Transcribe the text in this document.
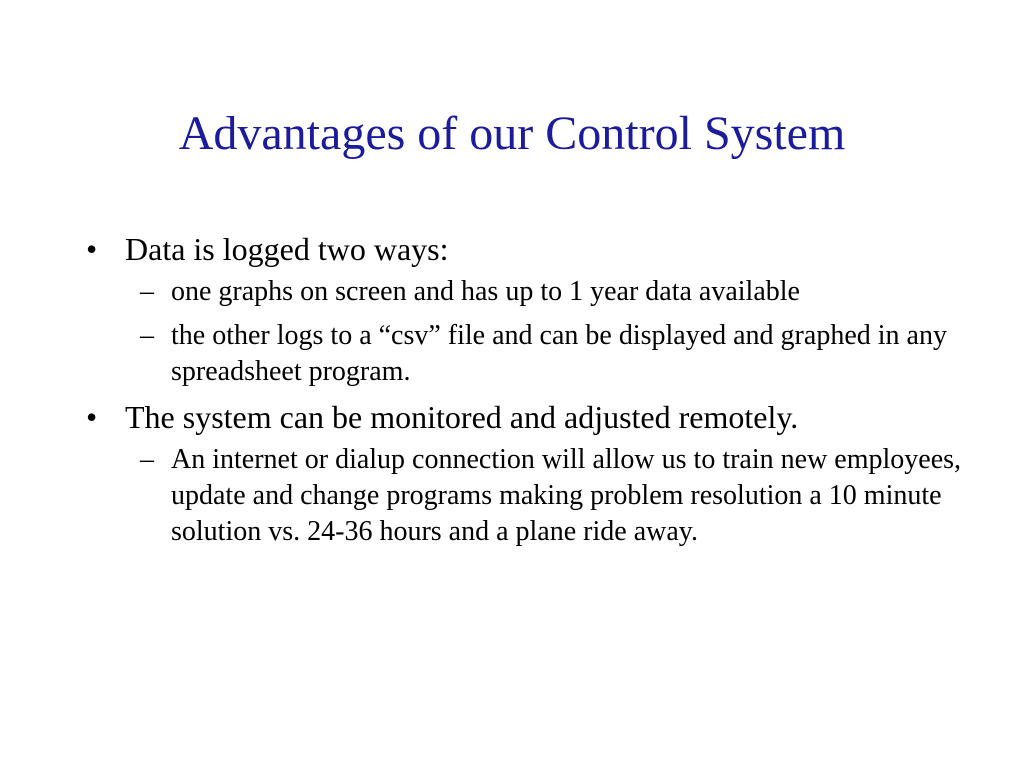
Advantages of our Control System
• Data is logged two ways:
– one graphs on screen and has up to 1 year data available
– the other logs to a “csv” file and can be displayed and graphed in any spreadsheet program.
• The system can be monitored and adjusted remotely.
– An internet or dialup connection will allow us to train new employees, update and change programs making problem resolution a 10 minute solution vs. 24-36 hours and a plane ride away.
